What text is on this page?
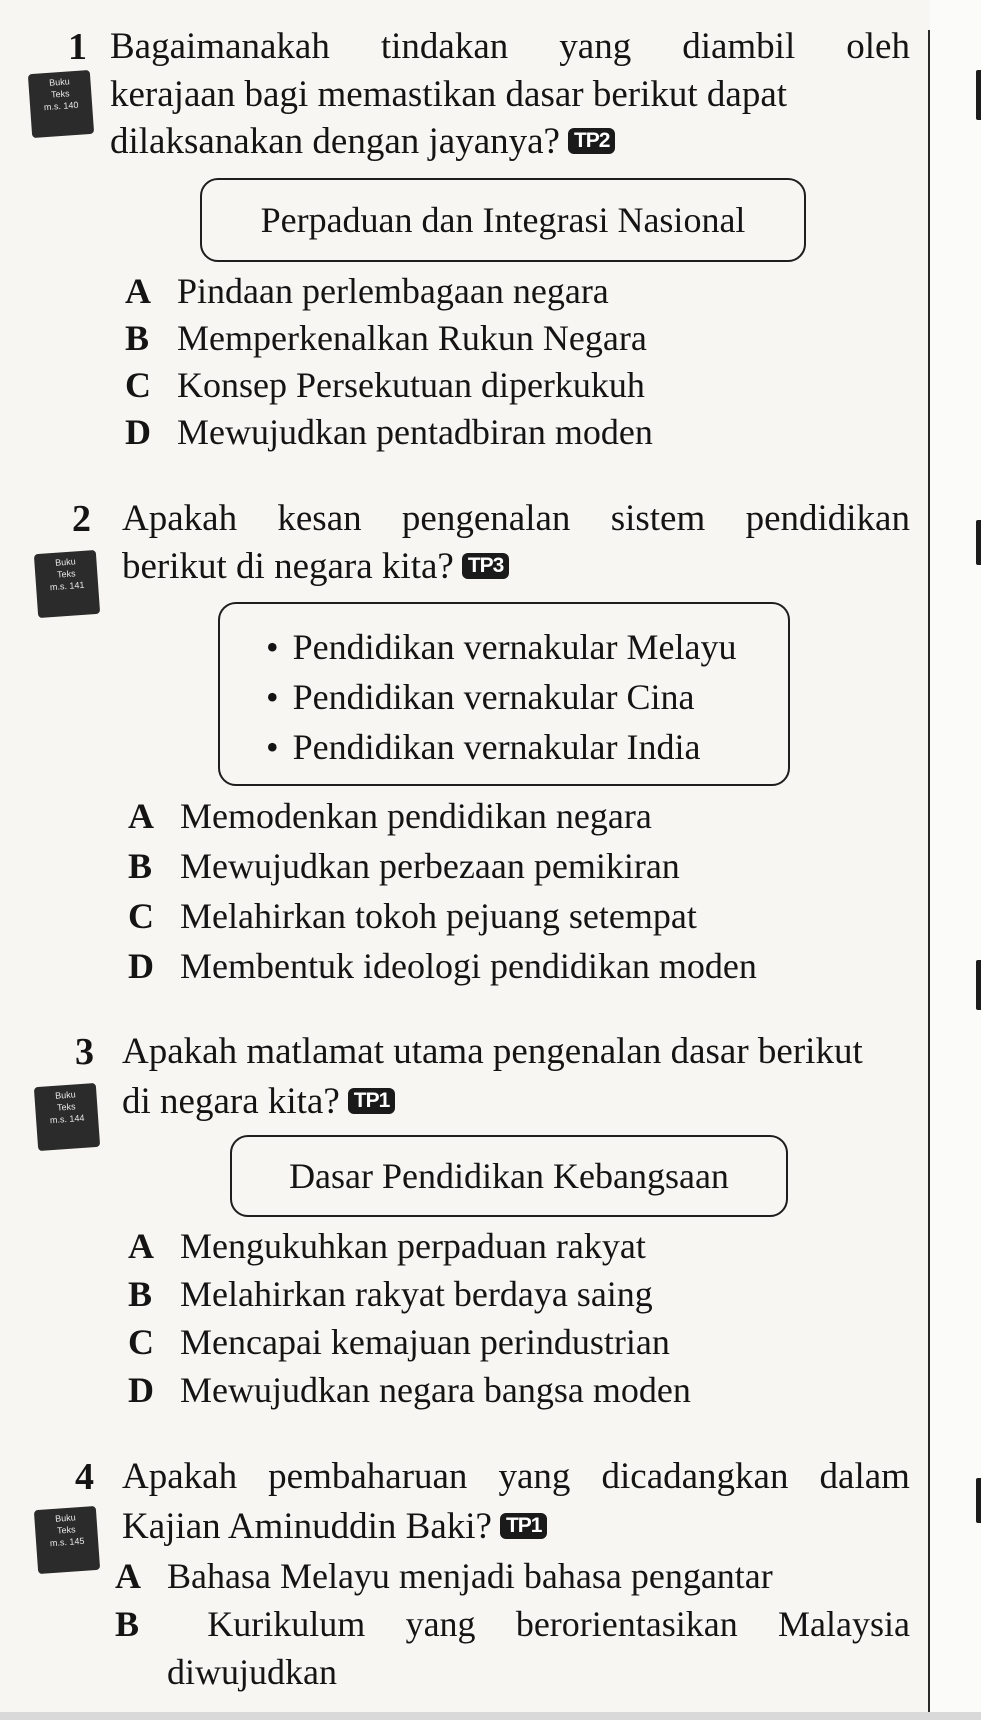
1 Bagaimanakah tindakan yang diambil oleh
Buku
Teks
m.s. 140 kerajaan bagi memastikan dasar berikut dapat
dilaksanakan dengan jayanya? TP2
Perpaduan dan Integrasi Nasional
A Pindaan perlembagaan negara
B Memperkenalkan Rukun Negara
C Konsep Persekutuan diperkukuh
D Mewujudkan pentadbiran moden
2 Apakah kesan pengenalan sistem pendidikan
Buku
Teks
m.s. 141	berikut di negara kita? TP3
• Pendidikan vernakular Melayu
• Pendidikan vernakular Cina
• Pendidikan vernakular India
A Memodenkan pendidikan negara
B Mewujudkan perbezaan pemikiran
C Melahirkan tokoh pejuang setempat
D Membentuk ideologi pendidikan moden
3 Apakah matlamat utama pengenalan dasar berikut
Buku
Teks
m.s. 144	di negara kita? TP1
Dasar Pendidikan Kebangsaan
A Mengukuhkan perpaduan rakyat
B Melahirkan rakyat berdaya saing
C Mencapai kemajuan perindustrian
D Mewujudkan negara bangsa moden
4 Apakah pembaharuan yang dicadangkan dalam
Buku
Teks
m.s. 145	Kajian Aminuddin Baki? TP1
A Bahasa Melayu menjadi bahasa pengantar
B	Kurikulum yang berorientasikan Malaysia
diwujudkan
